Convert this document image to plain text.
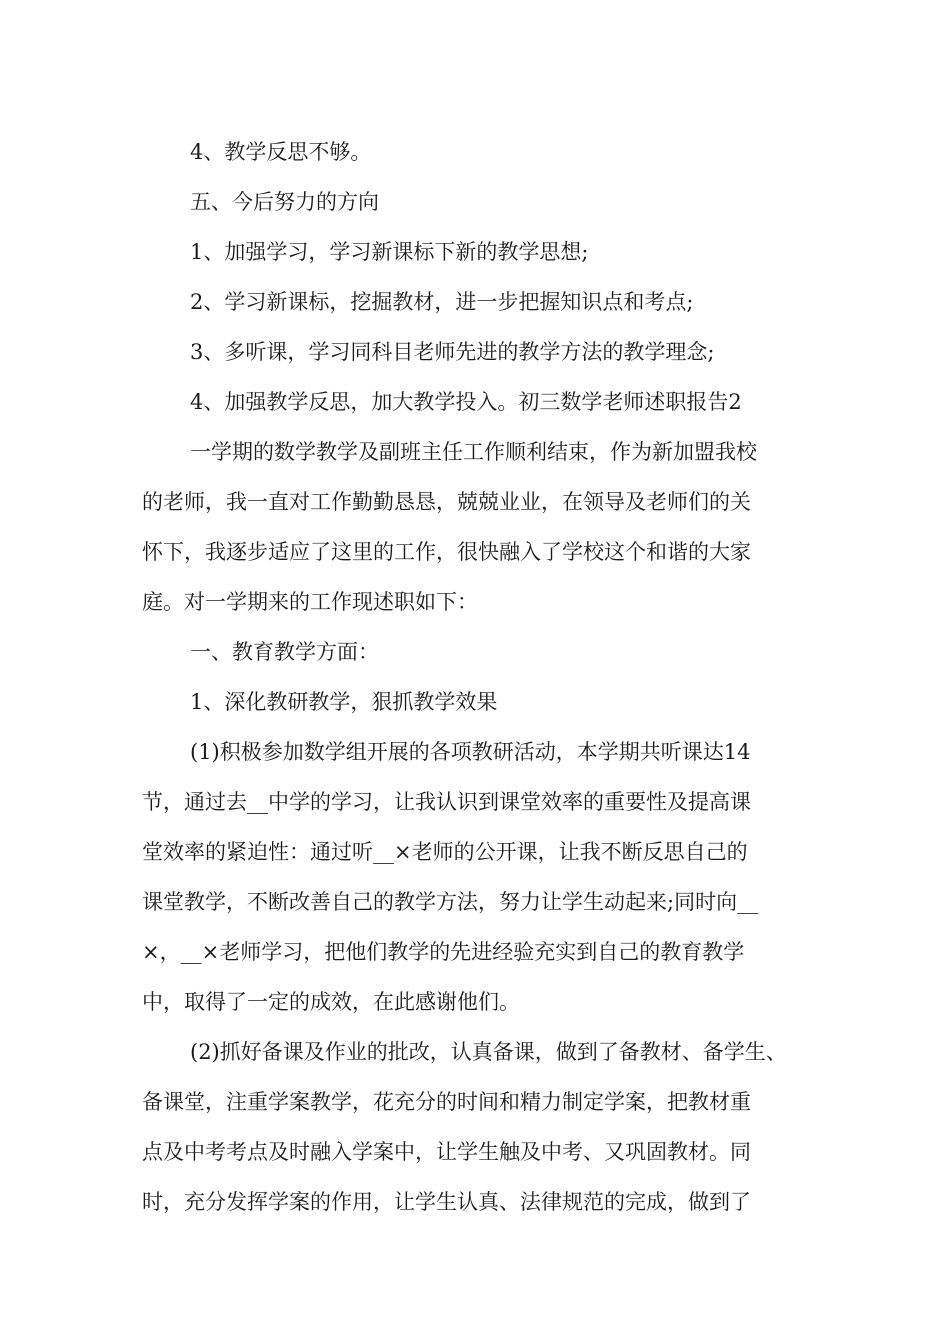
4、教学反思不够。
五、今后努力的方向
1、加强学习，学习新课标下新的教学思想;
2、学习新课标，挖掘教材，进一步把握知识点和考点;
3、多听课，学习同科目老师先进的教学方法的教学理念;
4、加强教学反思，加大教学投入。初三数学老师述职报告2
一学期的数学教学及副班主任工作顺利结束，作为新加盟我校
的老师，我一直对工作勤勤恳恳，兢兢业业，在领导及老师们的关
怀下，我逐步适应了这里的工作，很快融入了学校这个和谐的大家
庭。对一学期来的工作现述职如下：
一、教育教学方面：
1、深化教研教学，狠抓教学效果
(1)积极参加数学组开展的各项教研活动，本学期共听课达14
节，通过去__中学的学习，让我认识到课堂效率的重要性及提高课
堂效率的紧迫性：通过听__×老师的公开课，让我不断反思自己的
课堂教学，不断改善自己的教学方法，努力让学生动起来;同时向__
×，__×老师学习，把他们教学的先进经验充实到自己的教育教学
中，取得了一定的成效，在此感谢他们。
(2)抓好备课及作业的批改，认真备课，做到了备教材、备学生、
备课堂，注重学案教学，花充分的时间和精力制定学案，把教材重
点及中考考点及时融入学案中，让学生触及中考、又巩固教材。同
时，充分发挥学案的作用，让学生认真、法律规范的完成，做到了
